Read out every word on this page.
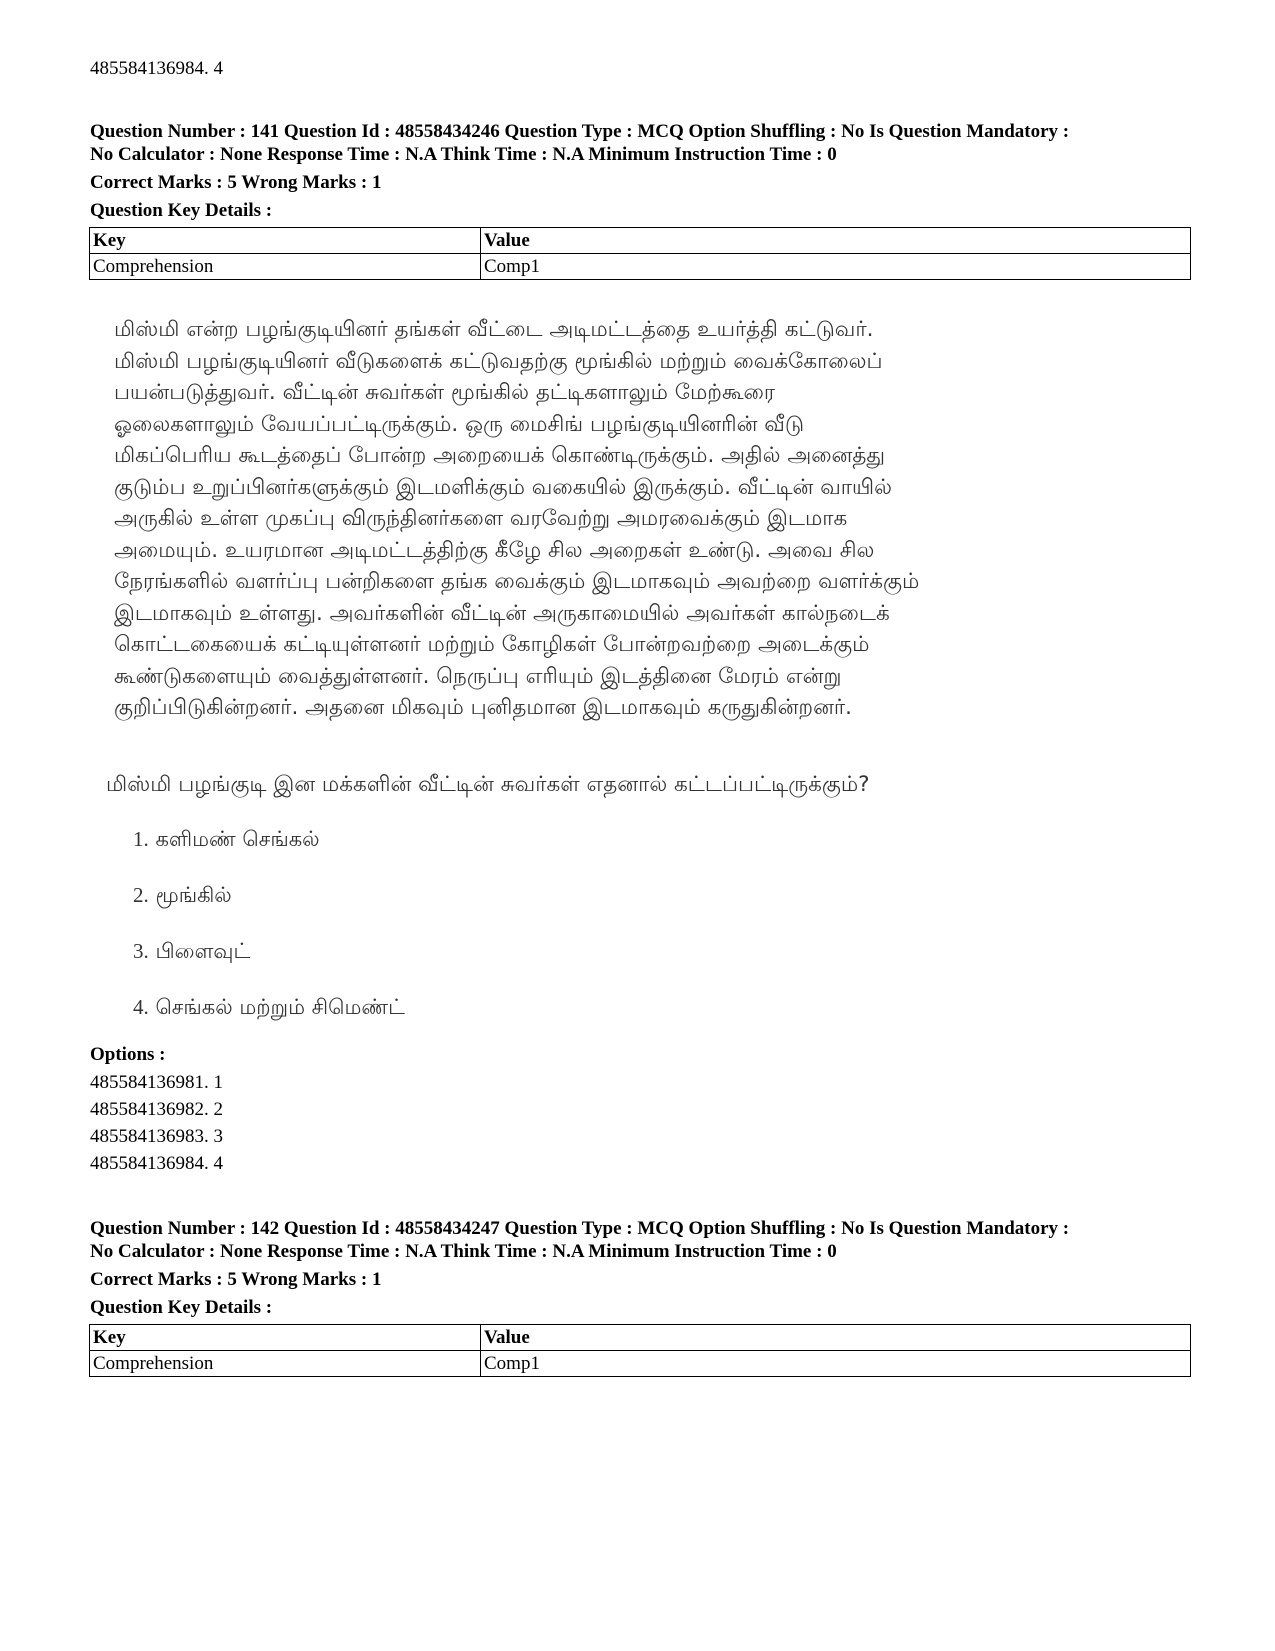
485584136984. 4
Question Number : 141 Question Id : 48558434246 Question Type : MCQ Option Shuffling : No Is Question Mandatory :
No Calculator : None Response Time : N.A Think Time : N.A Minimum Instruction Time : 0
Correct Marks : 5 Wrong Marks : 1
Question Key Details :
Key	Value
Comprehension	Comp1
மிஸ்மி என்ற பழங்குடியினர் தங்கள் வீட்டை அடிமட்டத்தை உயர்த்தி கட்டுவர்.
மிஸ்மி பழங்குடியினர் வீடுகளைக் கட்டுவதற்கு மூங்கில் மற்றும் வைக்கோலைப்
பயன்படுத்துவர். வீட்டின் சுவர்கள் மூங்கில் தட்டிகளாலும் மேற்கூரை
ஓலைகளாலும் வேயப்பட்டிருக்கும். ஒரு மைசிங் பழங்குடியினரின் வீடு
மிகப்பெரிய கூடத்தைப் போன்ற அறையைக் கொண்டிருக்கும். அதில் அனைத்து
குடும்ப உறுப்பினர்களுக்கும் இடமளிக்கும் வகையில் இருக்கும். வீட்டின் வாயில்
அருகில் உள்ள முகப்பு விருந்தினர்களை வரவேற்று அமரவைக்கும் இடமாக
அமையும். உயரமான அடிமட்டத்திற்கு கீழே சில அறைகள் உண்டு. அவை சில
நேரங்களில் வளர்ப்பு பன்றிகளை தங்க வைக்கும் இடமாகவும் அவற்றை வளர்க்கும்
இடமாகவும் உள்ளது. அவர்களின் வீட்டின் அருகாமையில் அவர்கள் கால்நடைக்
கொட்டகையைக் கட்டியுள்ளனர் மற்றும் கோழிகள் போன்றவற்றை அடைக்கும்
கூண்டுகளையும் வைத்துள்ளனர். நெருப்பு எரியும் இடத்தினை மேரம் என்று
குறிப்பிடுகின்றனர். அதனை மிகவும் புனிதமான இடமாகவும் கருதுகின்றனர்.
மிஸ்மி பழங்குடி இன மக்களின் வீட்டின் சுவர்கள் எதனால் கட்டப்பட்டிருக்கும்?
1. களிமண் செங்கல்
2. மூங்கில்
3. பிளைவுட்
4. செங்கல் மற்றும் சிமெண்ட்
Options :
485584136981. 1
485584136982. 2
485584136983. 3
485584136984. 4
Question Number : 142 Question Id : 48558434247 Question Type : MCQ Option Shuffling : No Is Question Mandatory :
No Calculator : None Response Time : N.A Think Time : N.A Minimum Instruction Time : 0
Correct Marks : 5 Wrong Marks : 1
Question Key Details :
Key	Value
Comprehension	Comp1
